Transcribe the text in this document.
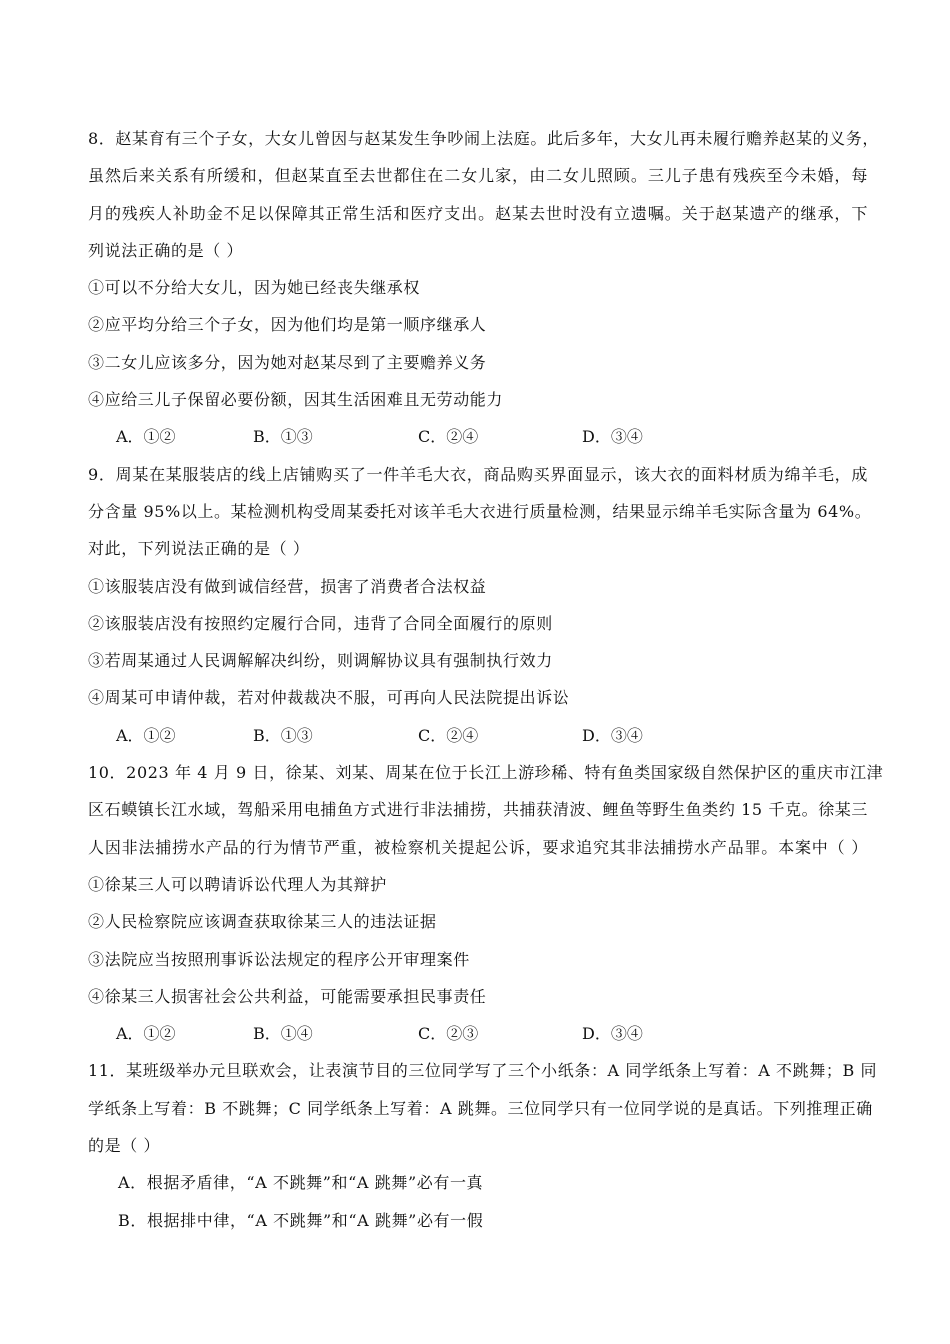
8．赵某育有三个子女，大女儿曾因与赵某发生争吵闹上法庭。此后多年，大女儿再未履行赡养赵某的义务，
虽然后来关系有所缓和，但赵某直至去世都住在二女儿家，由二女儿照顾。三儿子患有残疾至今未婚，每
月的残疾人补助金不足以保障其正常生活和医疗支出。赵某去世时没有立遗嘱。关于赵某遗产的继承，下
列说法正确的是（ ）
①可以不分给大女儿，因为她已经丧失继承权
②应平均分给三个子女，因为他们均是第一顺序继承人
③二女儿应该多分，因为她对赵某尽到了主要赡养义务
④应给三儿子保留必要份额，因其生活困难且无劳动能力
A．①②	B．①③	C．②④	D．③④
9．周某在某服装店的线上店铺购买了一件羊毛大衣，商品购买界面显示，该大衣的面料材质为绵羊毛，成
分含量 95%以上。某检测机构受周某委托对该羊毛大衣进行质量检测，结果显示绵羊毛实际含量为 64%。
对此，下列说法正确的是（ ）
①该服装店没有做到诚信经营，损害了消费者合法权益
②该服装店没有按照约定履行合同，违背了合同全面履行的原则
③若周某通过人民调解解决纠纷，则调解协议具有强制执行效力
④周某可申请仲裁，若对仲裁裁决不服，可再向人民法院提出诉讼
A．①②	B．①③	C．②④	D．③④
10．2023 年 4 月 9 日，徐某、刘某、周某在位于长江上游珍稀、特有鱼类国家级自然保护区的重庆市江津
区石蟆镇长江水域，驾船采用电捕鱼方式进行非法捕捞，共捕获清波、鲤鱼等野生鱼类约 15 千克。徐某三
人因非法捕捞水产品的行为情节严重，被检察机关提起公诉，要求追究其非法捕捞水产品罪。本案中（ ）
①徐某三人可以聘请诉讼代理人为其辩护
②人民检察院应该调查获取徐某三人的违法证据
③法院应当按照刑事诉讼法规定的程序公开审理案件
④徐某三人损害社会公共利益，可能需要承担民事责任
A．①②	B．①④	C．②③	D．③④
11．某班级举办元旦联欢会，让表演节目的三位同学写了三个小纸条：A 同学纸条上写着：A 不跳舞；B 同
学纸条上写着：B 不跳舞；C 同学纸条上写着：A 跳舞。三位同学只有一位同学说的是真话。下列推理正确
的是（ ）
A．根据矛盾律，“A 不跳舞”和“A 跳舞”必有一真
B．根据排中律，“A 不跳舞”和“A 跳舞”必有一假
